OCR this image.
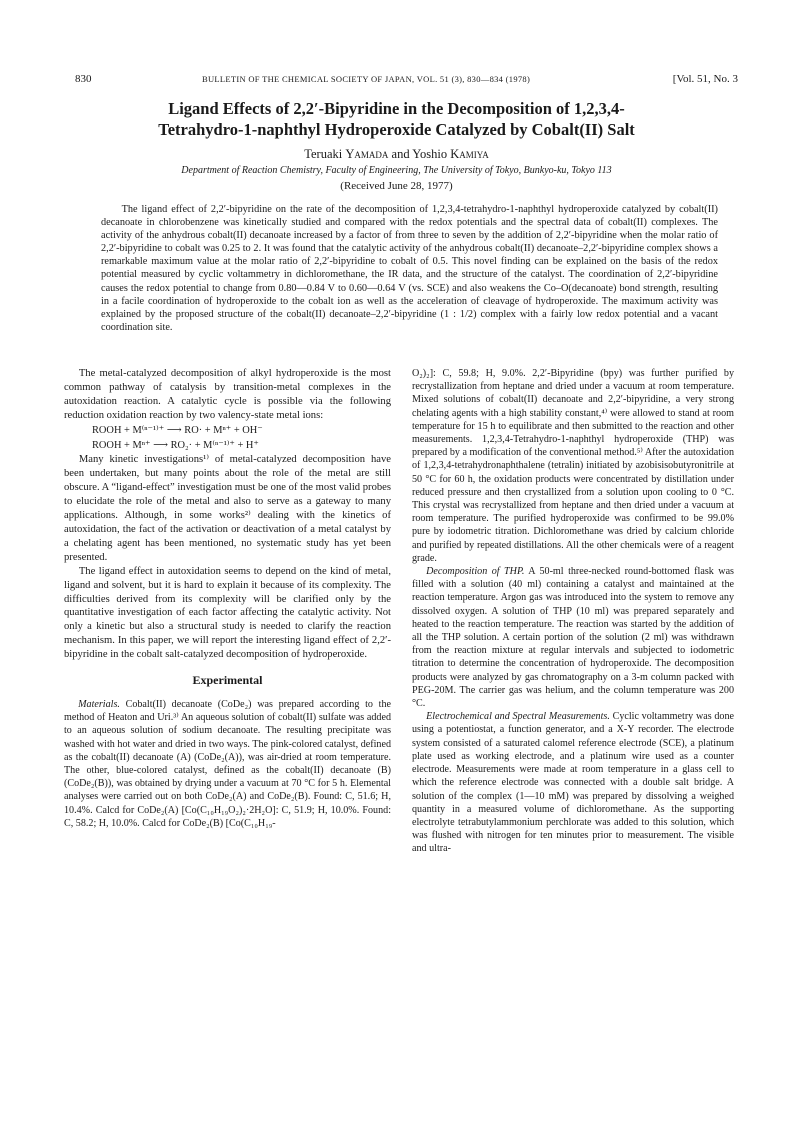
830	BULLETIN OF THE CHEMICAL SOCIETY OF JAPAN, VOL. 51 (3), 830—834 (1978)	[Vol. 51, No. 3
Ligand Effects of 2,2′-Bipyridine in the Decomposition of 1,2,3,4-
Tetrahydro-1-naphthyl Hydroperoxide Catalyzed by Cobalt(II) Salt
Teruaki Yamada and Yoshio Kamiya
Department of Reaction Chemistry, Faculty of Engineering, The University of Tokyo, Bunkyo-ku, Tokyo 113
(Received June 28, 1977)

The ligand effect of 2,2′-bipyridine on the rate of the decomposition of 1,2,3,4-tetrahydro-1-naphthyl hydroperoxide catalyzed by cobalt(II) decanoate in chlorobenzene was kinetically studied and compared with the redox potentials and the spectral data of cobalt(II) complexes. The activity of the anhydrous cobalt(II) decanoate increased by a factor of from three to seven by the addition of 2,2′-bipyridine when the molar ratio of 2,2′-bipyridine to cobalt was 0.25 to 2. It was found that the catalytic activity of the anhydrous cobalt(II) decanoate–2,2′-bipyridine complex shows a remarkable maximum value at the molar ratio of 2,2′-bipyridine to cobalt of 0.5. This novel finding can be explained on the basis of the redox potential measured by cyclic voltammetry in dichloromethane, the IR data, and the structure of the catalyst. The coordination of 2,2′-bipyridine causes the redox potential to change from 0.80—0.84 V to 0.60—0.64 V (vs. SCE) and also weakens the Co–O(decanoate) bond strength, resulting in a facile coordination of hydroperoxide to the cobalt ion as well as the acceleration of cleavage of hydroperoxide. The maximum activity was explained by the proposed structure of the cobalt(II) decanoate–2,2′-bipyridine (1 : 1/2) complex with a fairly low redox potential and a vacant coordination site.

The metal-catalyzed decomposition of alkyl hydroperoxide is the most common pathway of catalysis by transition-metal complexes in the autoxidation reaction. A catalytic cycle is possible via the following reduction oxidation reaction by two valency-state metal ions:

ROOH + M⁽ⁿ⁻¹⁾⁺ ⟶ RO· + Mⁿ⁺ + OH⁻
ROOH + Mⁿ⁺ ⟶ RO₂· + M⁽ⁿ⁻¹⁾⁺ + H⁺

Many kinetic investigations¹⁾ of metal-catalyzed decomposition have been undertaken, but many points about the role of the metal are still obscure. A “ligand-effect” investigation must be one of the most valid probes to elucidate the role of the metal and also to serve as a gateway to many applications. Although, in some works²⁾ dealing with the kinetics of autoxidation, the fact of the activation or deactivation of a metal catalyst by a chelating agent has been mentioned, no systematic study has yet been presented.

The ligand effect in autoxidation seems to depend on the kind of metal, ligand and solvent, but it is hard to explain it because of its complexity. The difficulties derived from its complexity will be clarified only by the quantitative investigation of each factor affecting the catalytic activity. Not only a kinetic but also a structural study is needed to clarify the reaction mechanism. In this paper, we will report the interesting ligand effect of 2,2′-bipyridine in the cobalt salt-catalyzed decomposition of hydroperoxide.

Experimental

Materials. Cobalt(II) decanoate (CoDe₂) was prepared according to the method of Heaton and Uri.³⁾ An aqueous solution of cobalt(II) sulfate was added to an aqueous solution of sodium decanoate. The resulting precipitate was washed with hot water and dried in two ways. The pink-colored catalyst, defined as the cobalt(II) decanoate (A) (CoDe₂(A)), was air-dried at room temperature. The other, blue-colored catalyst, defined as the cobalt(II) decanoate (B) (CoDe₂(B)), was obtained by drying under a vacuum at 70 °C for 5 h. Elemental analyses were carried out on both CoDe₂(A) and CoDe₂(B). Found: C, 51.6; H, 10.4%. Calcd for CoDe₂(A) [Co(C₁₀H₁₉O₂)₂·2H₂O]: C, 51.9; H, 10.0%. Found: C, 58.2; H, 10.0%. Calcd for CoDe₂(B) [Co(C₁₀H₁₉-

O₂)₂]: C, 59.8; H, 9.0%. 2,2′-Bipyridine (bpy) was further purified by recrystallization from heptane and dried under a vacuum at room temperature. Mixed solutions of cobalt(II) decanoate and 2,2′-bipyridine, a very strong chelating agents with a high stability constant,⁴⁾ were allowed to stand at room temperature for 15 h to equilibrate and then submitted to the reaction and other measurements. 1,2,3,4-Tetrahydro-1-naphthyl hydroperoxide (THP) was prepared by a modification of the conventional method.⁵⁾ After the autoxidation of 1,2,3,4-tetrahydronaphthalene (tetralin) initiated by azobisisobutyronitrile at 50 °C for 60 h, the oxidation products were concentrated by distillation under reduced pressure and then crystallized from a solution upon cooling to 0 °C. This crystal was recrystallized from heptane and then dried under a vacuum at room temperature. The purified hydroperoxide was confirmed to be 99.0% pure by iodometric titration. Dichloromethane was dried by calcium chloride and purified by repeated distillations. All the other chemicals were of a reagent grade.

Decomposition of THP. A 50-ml three-necked round-bottomed flask was filled with a solution (40 ml) containing a catalyst and maintained at the reaction temperature. Argon gas was introduced into the system to remove any dissolved oxygen. A solution of THP (10 ml) was prepared separately and heated to the reaction temperature. The reaction was started by the addition of all the THP solution. A certain portion of the solution (2 ml) was withdrawn from the reaction mixture at regular intervals and subjected to iodometric titration to determine the concentration of hydroperoxide. The decomposition products were analyzed by gas chromatography on a 3-m column packed with PEG-20M. The carrier gas was helium, and the column temperature was 200 °C.

Electrochemical and Spectral Measurements. Cyclic voltammetry was done using a potentiostat, a function generator, and a X-Y recorder. The electrode system consisted of a saturated calomel reference electrode (SCE), a platinum plate used as working electrode, and a platinum wire used as a counter electrode. Measurements were made at room temperature in a glass cell to which the reference electrode was connected with a double salt bridge. A solution of the complex (1—10 mM) was prepared by dissolving a weighed quantity in a measured volume of dichloromethane. As the supporting electrolyte tetrabutylammonium perchlorate was added to this solution, which was flushed with nitrogen for ten minutes prior to measurement. The visible and ultra-
